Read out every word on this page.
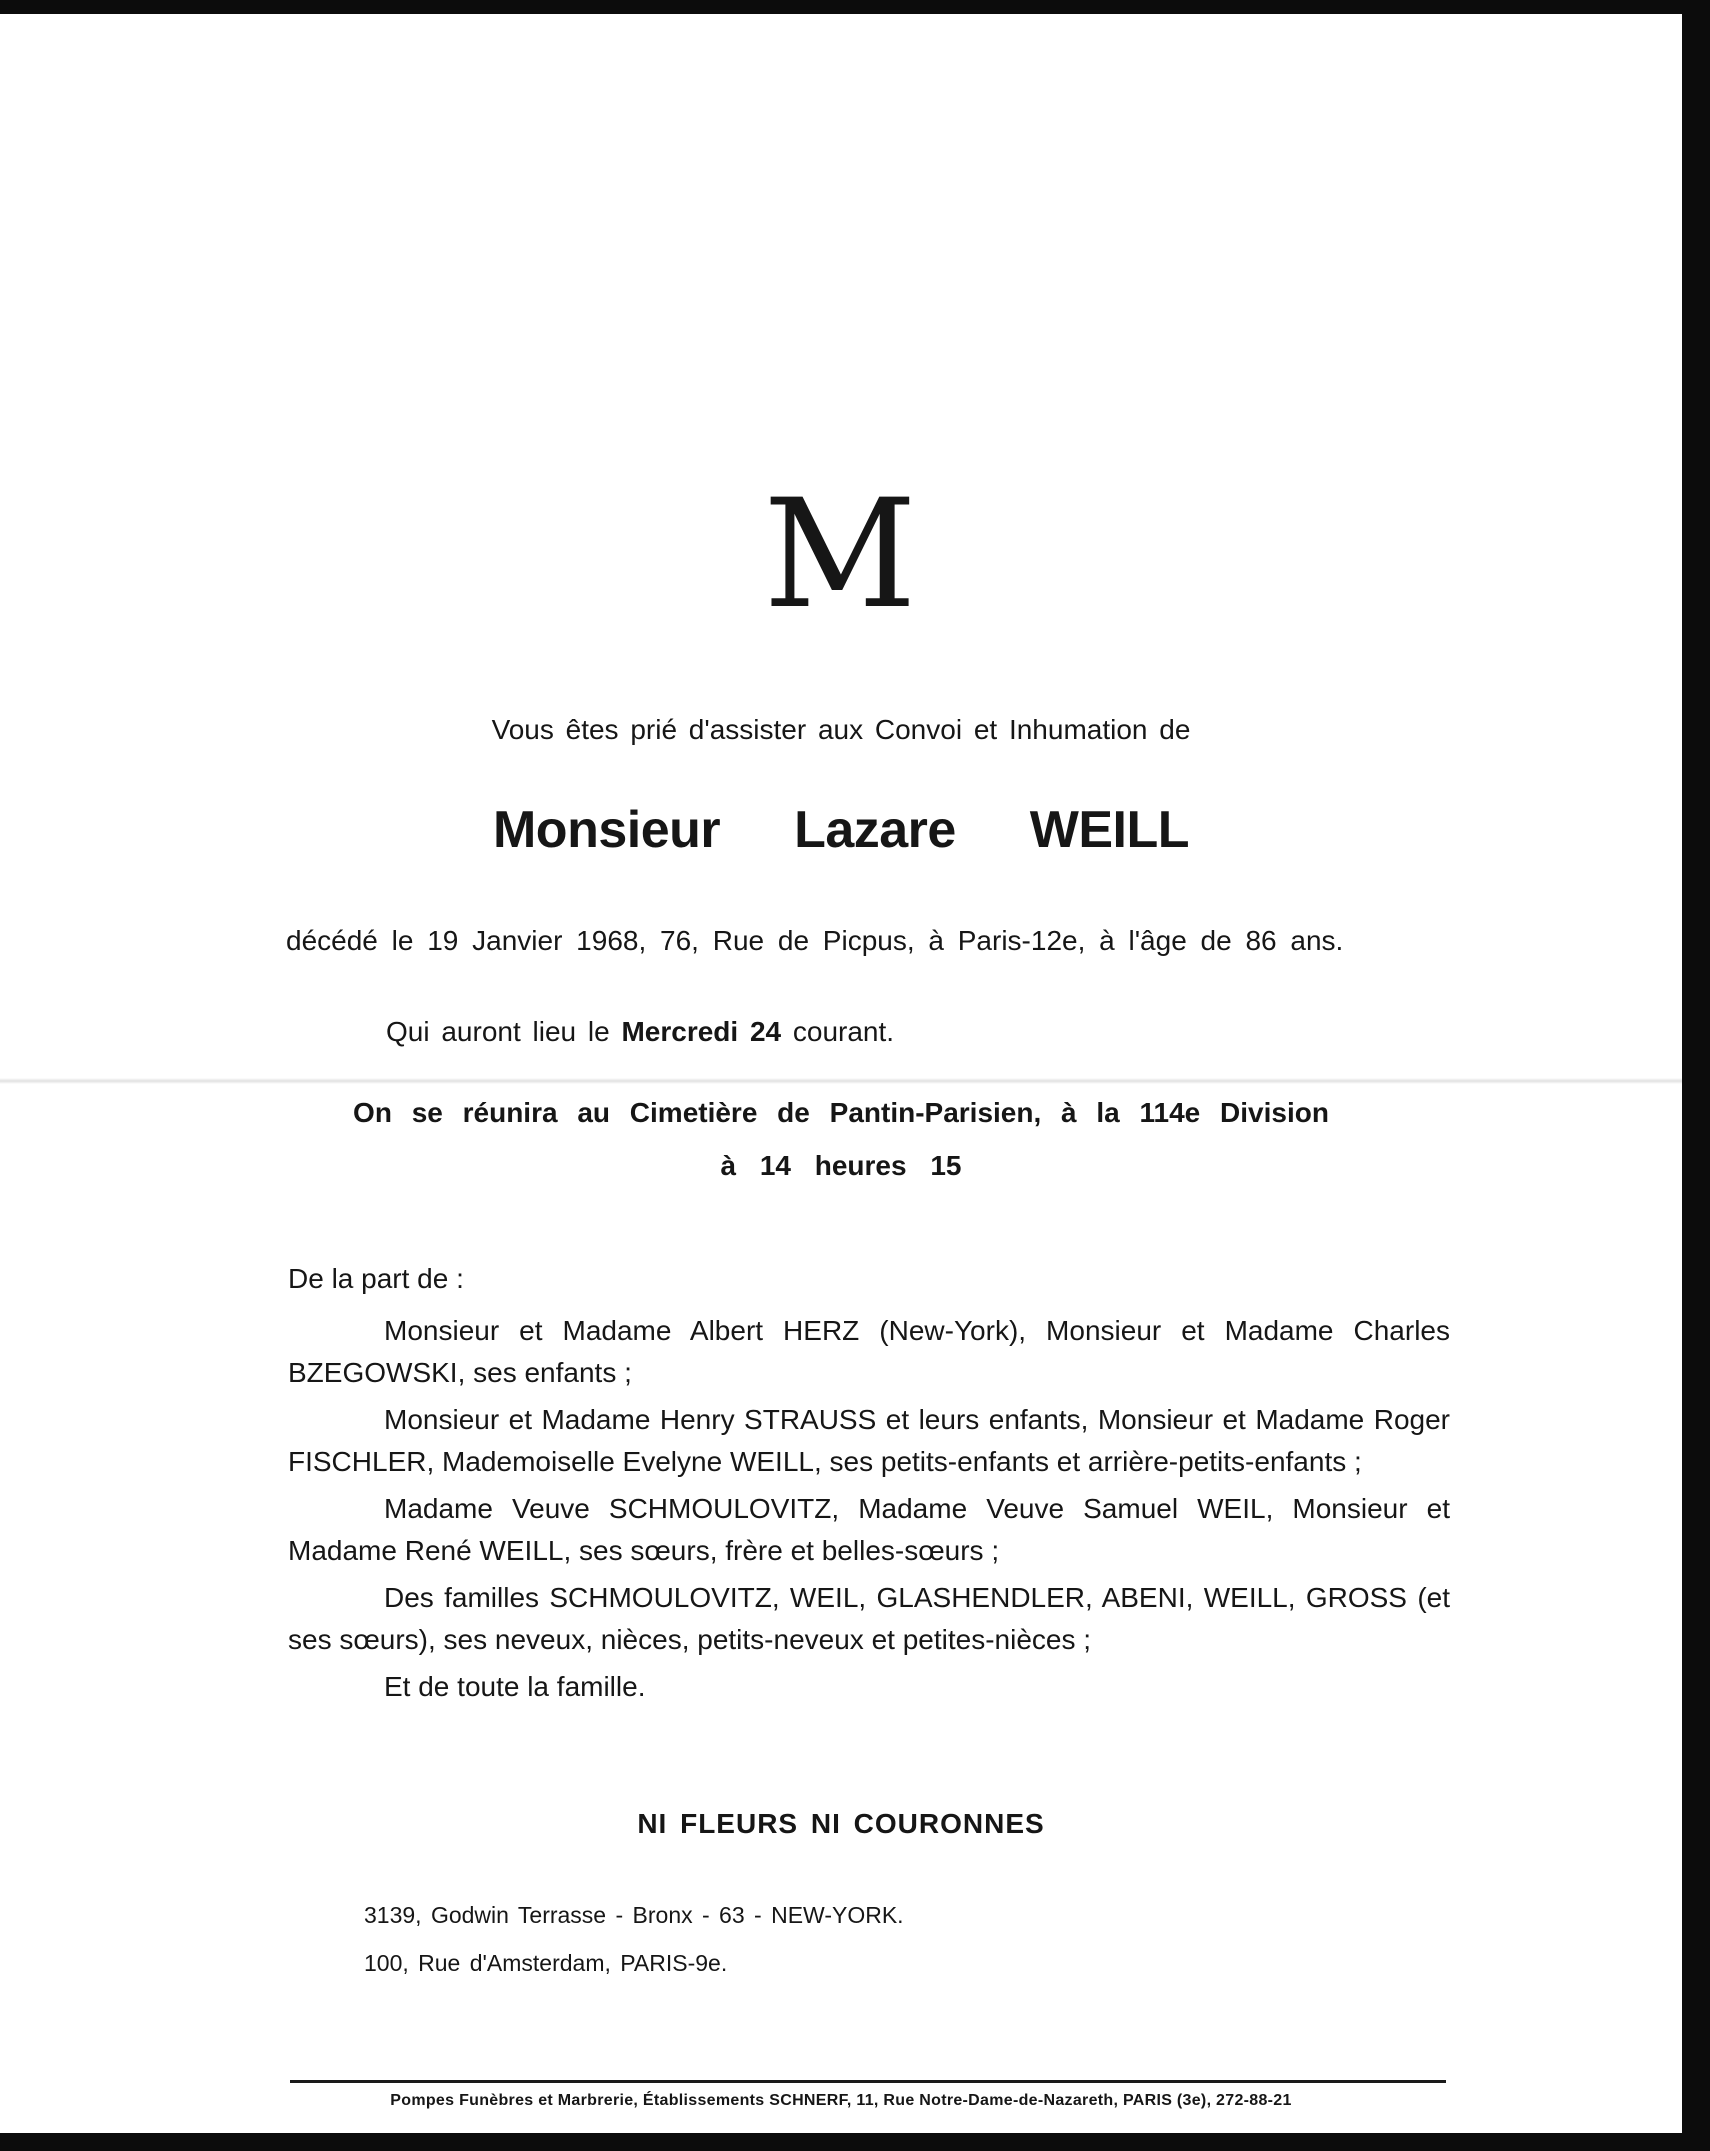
M
Vous êtes prié d'assister aux Convoi et Inhumation de
Monsieur Lazare WEILL
décédé le 19 Janvier 1968, 76, Rue de Picpus, à Paris-12e, à l'âge de 86 ans.
Qui auront lieu le Mercredi 24 courant.
On se réunira au Cimetière de Pantin-Parisien, à la 114e Division
à 14 heures 15

De la part de :

Monsieur et Madame Albert HERZ (New-York), Monsieur et Madame Charles BZEGOWSKI, ses enfants ;

Monsieur et Madame Henry STRAUSS et leurs enfants, Monsieur et Madame Roger FISCHLER, Mademoiselle Evelyne WEILL, ses petits-enfants et arrière-petits-enfants ;

Madame Veuve SCHMOULOVITZ, Madame Veuve Samuel WEIL, Monsieur et Madame René WEILL, ses sœurs, frère et belles-sœurs ;

Des familles SCHMOULOVITZ, WEIL, GLASHENDLER, ABENI, WEILL, GROSS (et ses sœurs), ses neveux, nièces, petits-neveux et petites-nièces ;

Et de toute la famille.

NI FLEURS NI COURONNES
3139, Godwin Terrasse - Bronx - 63 - NEW-YORK.
100, Rue d'Amsterdam, PARIS-9e.
Pompes Funèbres et Marbrerie, Établissements SCHNERF, 11, Rue Notre-Dame-de-Nazareth, PARIS (3e), 272-88-21
